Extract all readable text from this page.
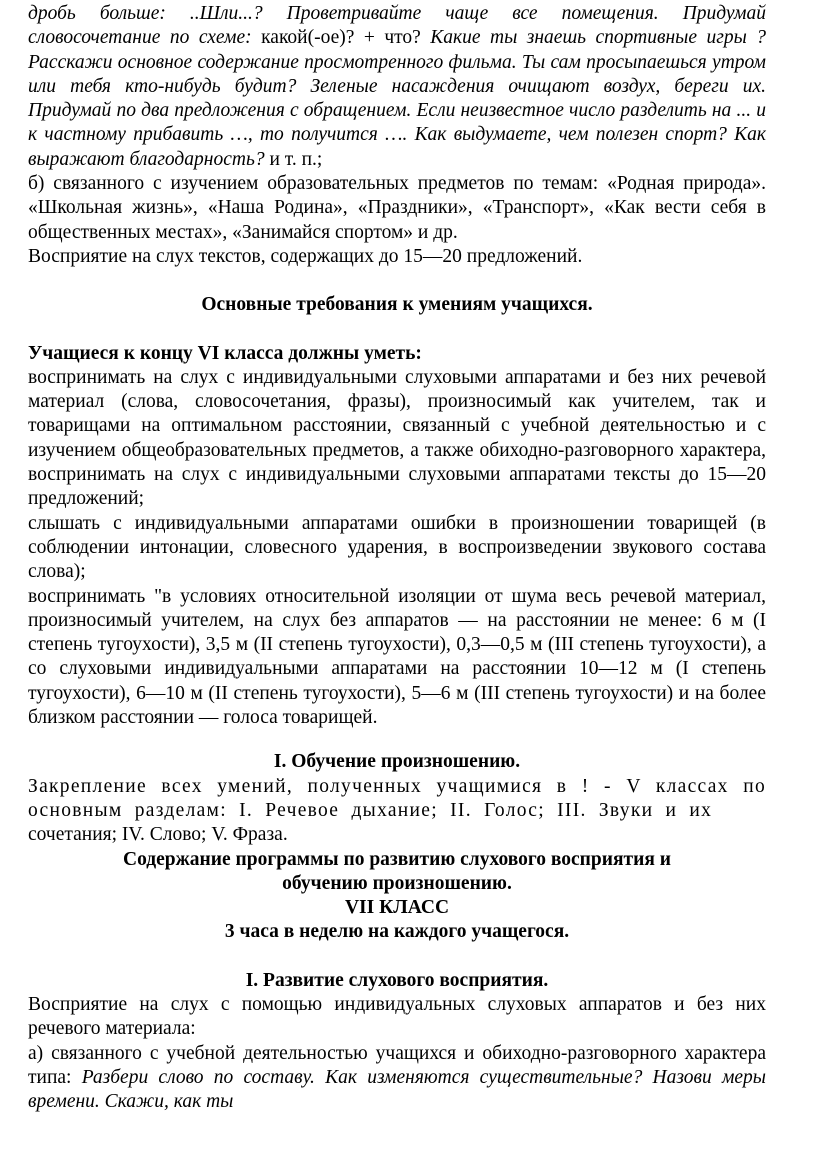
дробь больше: ..Шли...? Проветривайте чаще все помещения. Придумай словосочетание по схеме: какой(-ое)? + что? Какие ты знаешь спортивные игры ?Расскажи основное содержание просмотренного фильма. Ты сам просыпаешься утром или тебя кто-нибудь будит? Зеленые насаждения очищают воздух, береги их. Придумай по два предложения с обращением. Если неизвестное число разделить на ... и к частному прибавить …, то получится …. Как выдумаете, чем полезен спорт? Как выражают благодарность? и т. п.;

б) связанного с изучением образовательных предметов по темам: «Родная природа». «Школьная жизнь», «Наша Родина», «Праздники», «Транспорт», «Как вести себя в общественных местах», «Занимайся спортом» и др.

Восприятие на слух текстов, содержащих до 15—20 предложений.

Основные требования к умениям учащихся.

Учащиеся к концу VI класса должны уметь:

воспринимать на слух с индивидуальными слуховыми аппаратами и без них речевой материал (слова, словосочетания, фразы), произносимый как учителем, так и товарищами на оптимальном расстоянии, связанный с учебной деятельностью и с изучением общеобразовательных предметов, а также обиходно-разговорного характера, воспринимать на слух с индивидуальными слуховыми аппаратами тексты до 15—20 предложений;

слышать с индивидуальными аппаратами ошибки в произношении товарищей (в соблюдении интонации, словесного ударения, в воспроизведении звукового состава слова);

воспринимать "в условиях относительной изоляции от шума весь речевой материал, произносимый учителем, на слух без аппаратов — на расстоянии не менее: 6 м (I степень тугоухости), 3,5 м (II степень тугоухости), 0,3—0,5 м (III степень тугоухости), а со слуховыми индивидуальными аппаратами на расстоянии 10—12 м (I степень тугоухости), 6—10 м (II степень тугоухости), 5—6 м (III степень тугоухости) и на более близком расстоянии — голоса товарищей.

I. Обучение произношению.

Закрепление всех умений, полученных учащимися в ! - V классах по основным разделам: I. Речевое дыхание; II. Голос; III. Звуки и их

сочетания; IV. Слово; V. Фраза.

Содержание программы по развитию слухового восприятия и

обучению произношению.

VII КЛАСС

3 часа в неделю на каждого учащегося.

I. Развитие слухового восприятия.

Восприятие на слух с помощью индивидуальных слуховых аппаратов и без них речевого материала:

а) связанного с учебной деятельностью учащихся и обиходно-разговорного характера типа: Разбери слово по составу. Как изменяются существительные? Назови меры времени. Скажи, как ты
